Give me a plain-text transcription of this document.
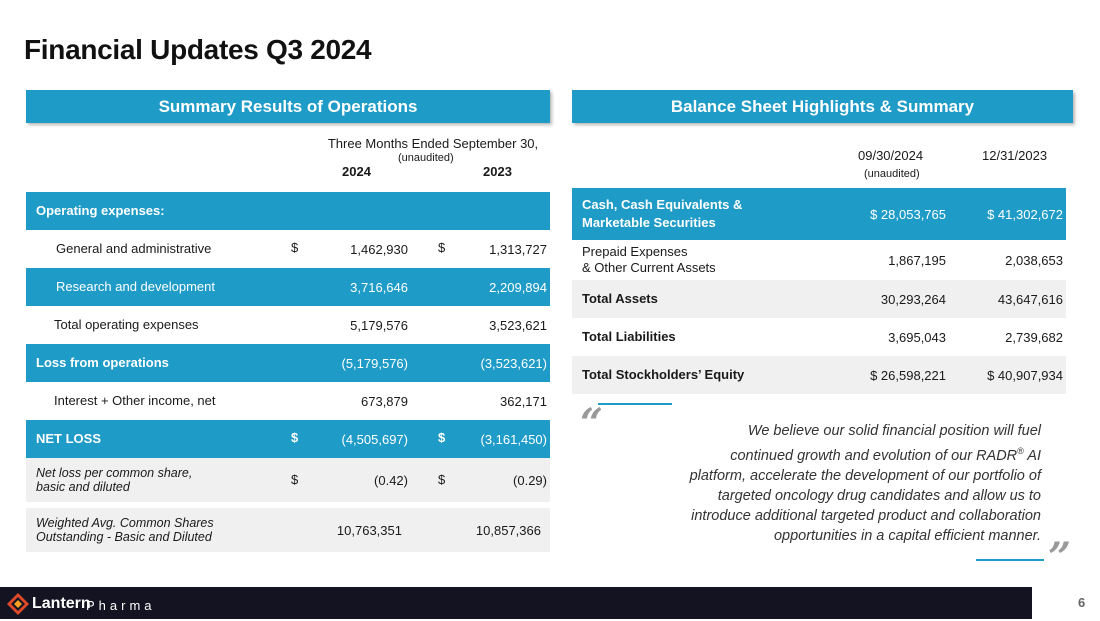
Financial Updates Q3 2024
Summary Results of Operations	Balance Sheet Highlights & Summary
Three Months Ended September 30,
(unaudited)
2024	2023
Operating expenses:
General and administrative	$	1,462,930 $	1,313,727
Research and development	3,716,646	2,209,894
Total operating expenses	5,179,576	3,523,621
Loss from operations	(5,179,576)	(3,523,621)
Interest + Other income, net	673,879	362,171
NET LOSS	$	(4,505,697) $	(3,161,450)
Net loss per common share,
basic and diluted	$	(0.42) $	(0.29)
Weighted Avg. Common Shares
Outstanding - Basic and Diluted	10,763,351	10,857,366
09/30/2024	12/31/2023
(unaudited)
Cash, Cash Equivalents &
Marketable Securities
$ 28,053,765	$ 41,302,672
Prepaid Expenses
& Other Current Assets	1,867,195	2,038,653
Total Assets	30,293,264	43,647,616
Total Liabilities	3,695,043	2,739,682
Total Stockholders’ Equity	$ 26,598,221	$ 40,907,934
“	We believe our solid financial position will fuel
continued growth and evolution of our RADR® AI
platform, accelerate the development of our portfolio of
targeted oncology drug candidates and allow us to
introduce additional targeted product and collaboration
opportunities in a capital efficient manner. ”
Lantern
Pharma	6
